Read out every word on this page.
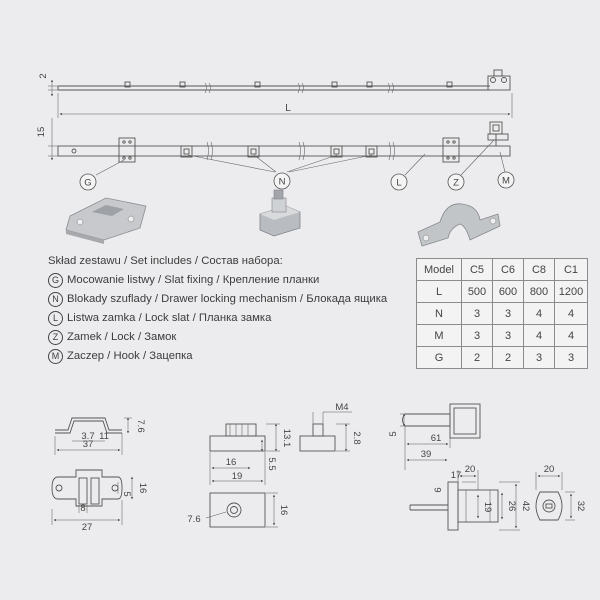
2
L
15
G	N	L	Z	M
37
3.7 11
7.6
27
8
5
16
13.1
5.5
16
19
7.6
16
M4
2.8	5	61
39
20
17
6
19 26 42
20
32
Skład zestawu / Set includes / Состав набора:
G Mocowanie listwy / Slat fixing / Крепление планки
N Blokady szuflady / Drawer locking mechanism / Блокада ящика
L Listwa zamka / Lock slat / Планка замка
Z Zamek / Lock / Замок
M Zaczep / Hook / Зацепка
Model	C5	C6	C8	C1
L	500	600	800	1200
N	3	3	4	4
M	3	3	4	4
G	2	2	3	3
